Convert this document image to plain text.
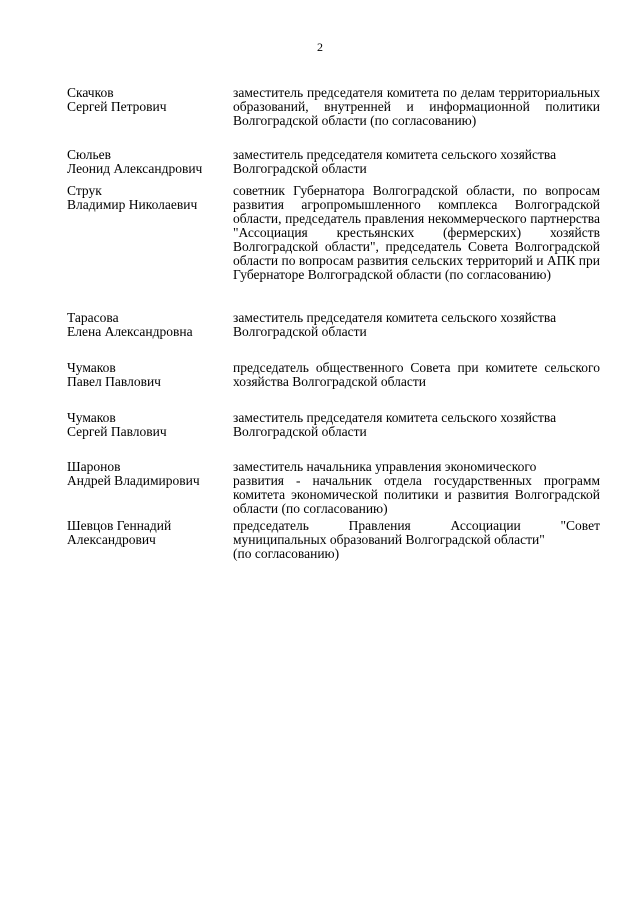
2
Скачков
Сергей Петрович
заместитель председателя комитета по делам территориальных образований, внутренней и информационной политики Волгоградской области (по согласованию)
Сюльев
Леонид Александрович
заместитель председателя комитета сельского хозяйства Волгоградской области
Струк
Владимир Николаевич
советник Губернатора Волгоградской области, по вопросам развития агропромышленного комплекса Волгоградской области, председатель правления некоммерческого партнерства "Ассоциация крестьянских (фермерских) хозяйств Волгоградской области", председатель Совета Волгоградской области по вопросам развития сельских территорий и АПК при Губернаторе Волгоградской области (по согласованию)
Тарасова
Елена Александровна
заместитель председателя комитета сельского хозяйства Волгоградской области
Чумаков
Павел Павлович
председатель общественного Совета при комитете сельского хозяйства Волгоградской области
Чумаков
Сергей Павлович
заместитель председателя комитета сельского хозяйства Волгоградской области
Шаронов
Андрей Владимирович
заместитель начальника управления экономического
развития - начальник отдела государственных программ комитета экономической политики и развития Волгоградской области (по согласованию)
Шевцов Геннадий
Александрович
председатель Правления Ассоциации "Совет
муниципальных образований Волгоградской области"
(по согласованию)
